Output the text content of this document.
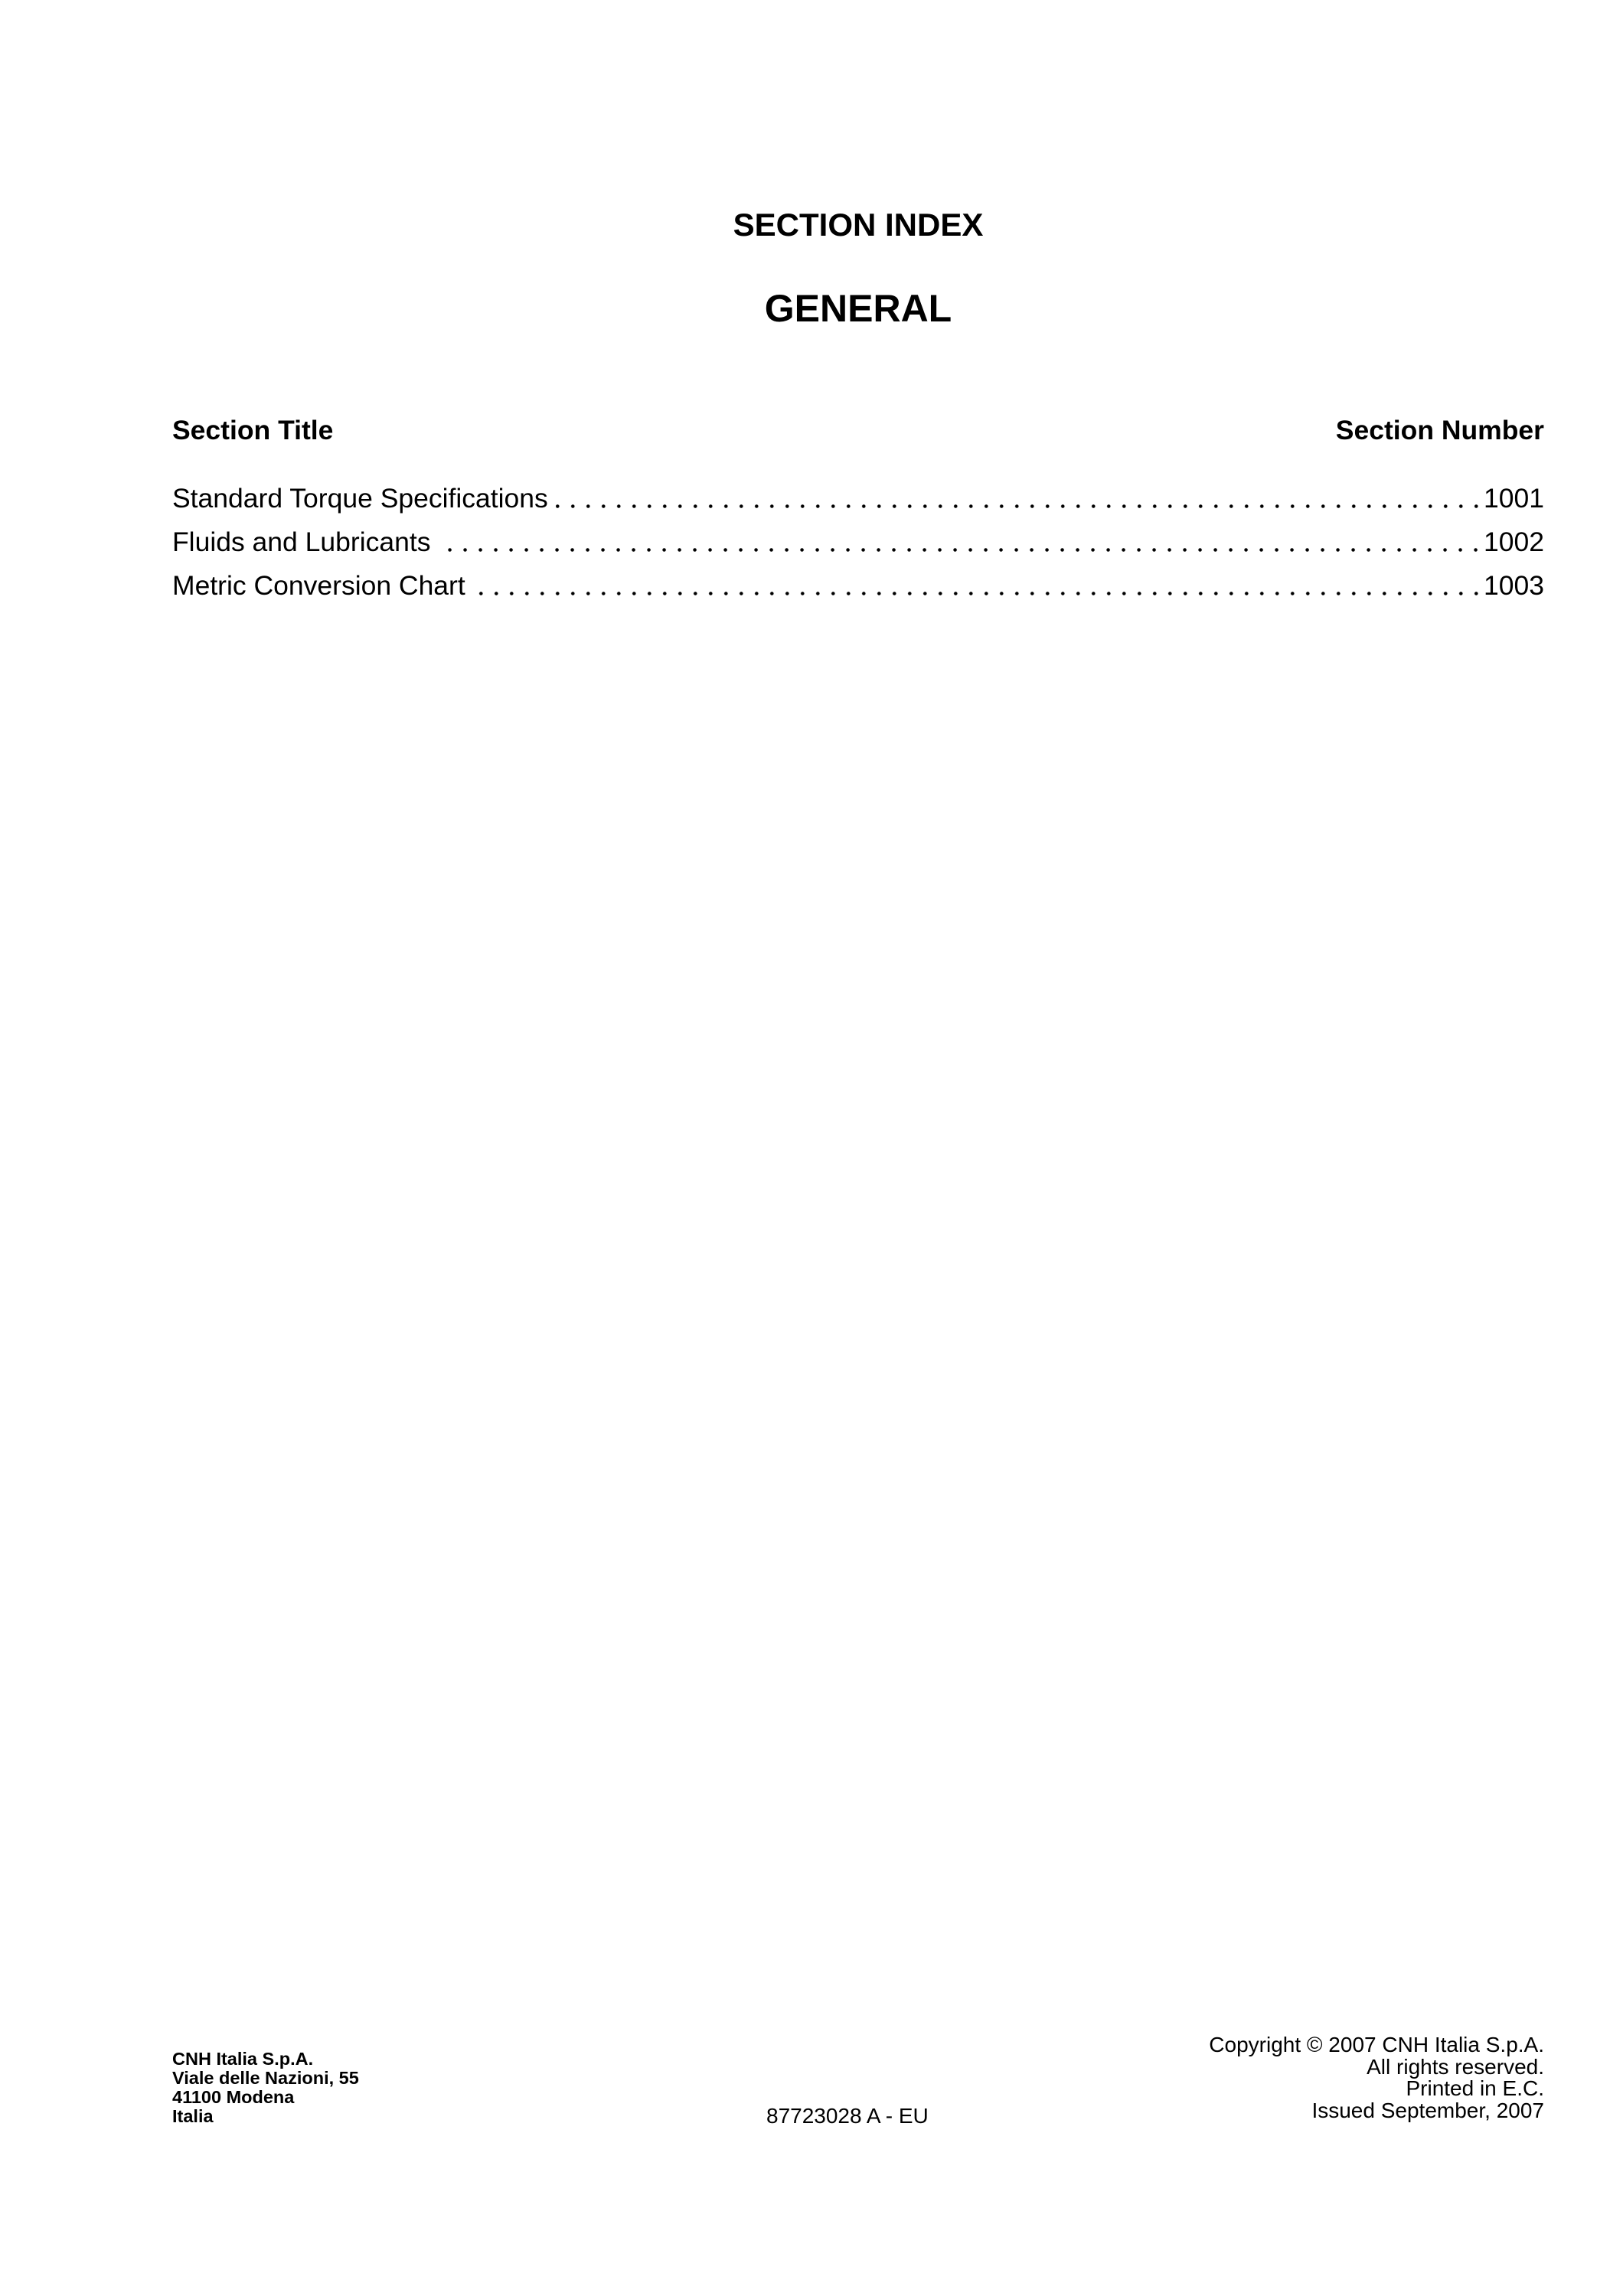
SECTION INDEX
GENERAL
Section Title	Section Number
Standard Torque Specifications	1001
Fluids and Lubricants	1002
Metric Conversion Chart	1003
CNH Italia S.p.A.
Viale delle Nazioni, 55
41100 Modena
Italia	87723028 A - EU
Copyright © 2007 CNH Italia S.p.A.
All rights reserved.
Printed in E.C.
Issued September, 2007
